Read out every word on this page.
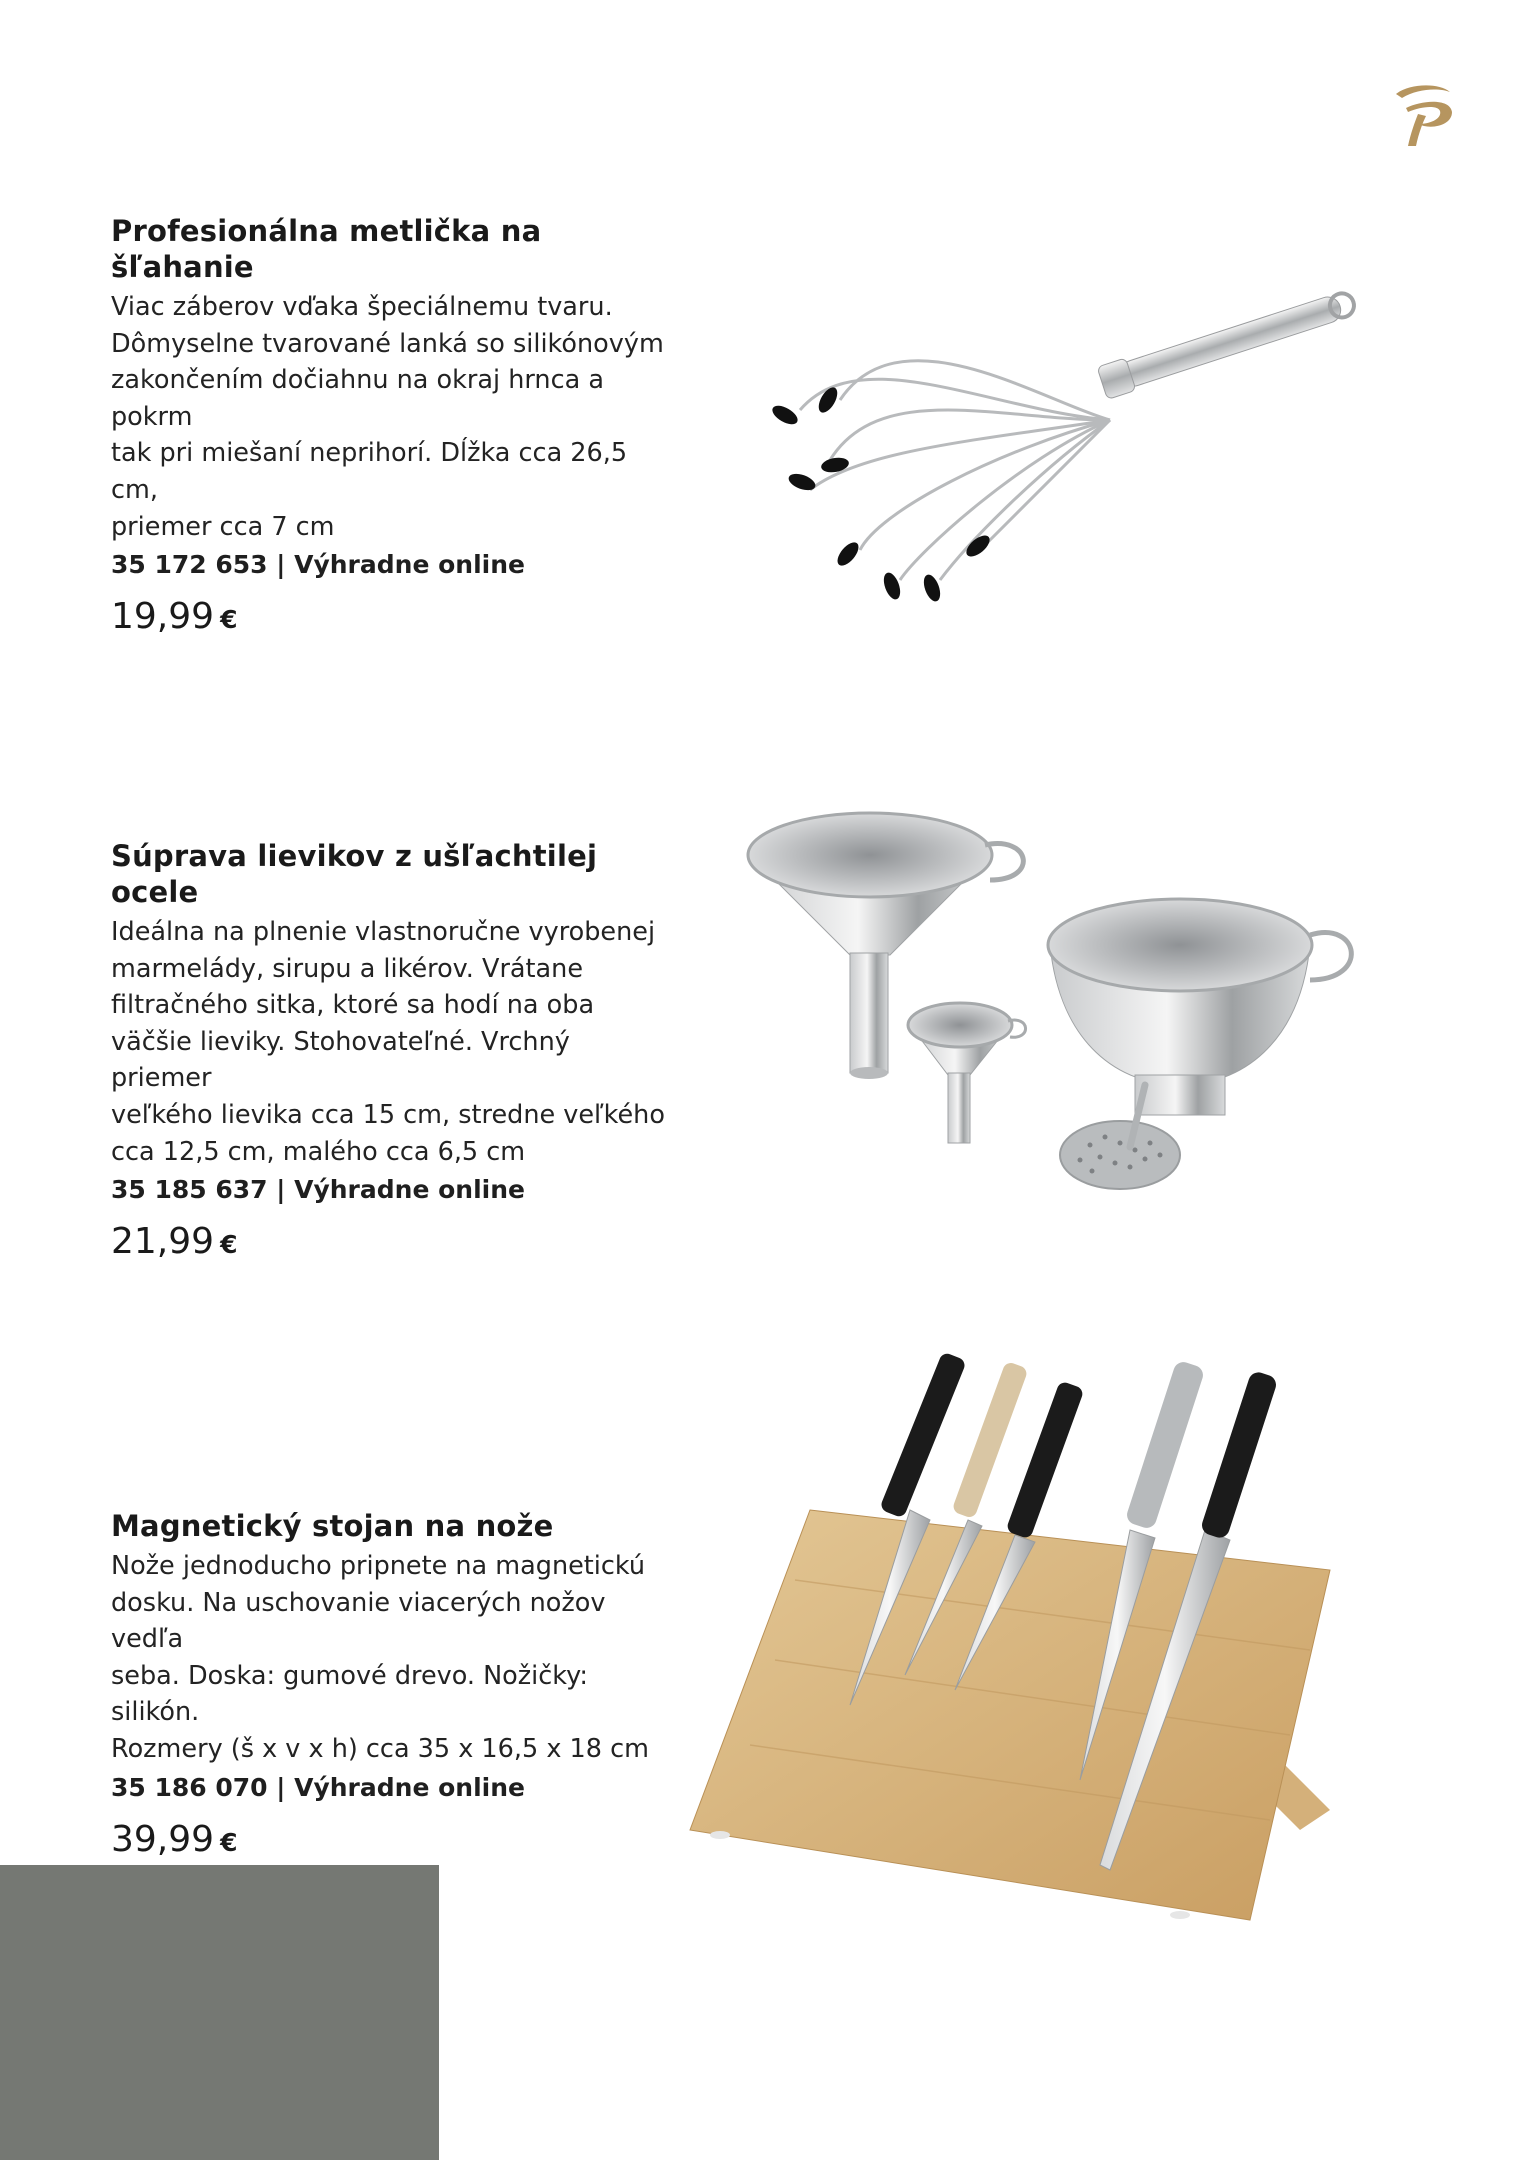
Profesionálna metlička na šľahanie
Viac záberov vďaka špeciálnemu tvaru.
Dômyselne tvarované lanká so silikónovým
zakončením dočiahnu na okraj hrnca a pokrm
tak pri miešaní neprihorí. Dĺžka cca 26,5 cm,
priemer cca 7 cm
35 172 653 | Výhradne online
19,99 €
Súprava lievikov z ušľachtilej ocele
Ideálna na plnenie vlastnoručne vyrobenej
marmelády, sirupu a likérov. Vrátane
filtračného sitka, ktoré sa hodí na oba
väčšie lieviky. Stohovateľné. Vrchný priemer
veľkého lievika cca 15 cm, stredne veľkého
cca 12,5 cm, malého cca 6,5 cm
35 185 637 | Výhradne online
21,99 €
Magnetický stojan na nože
Nože jednoducho pripnete na magnetickú
dosku. Na uschovanie viacerých nožov vedľa
seba. Doska: gumové drevo. Nožičky: silikón.
Rozmery (š x v x h) cca 35 x 16,5 x 18 cm
35 186 070 | Výhradne online
39,99 €
